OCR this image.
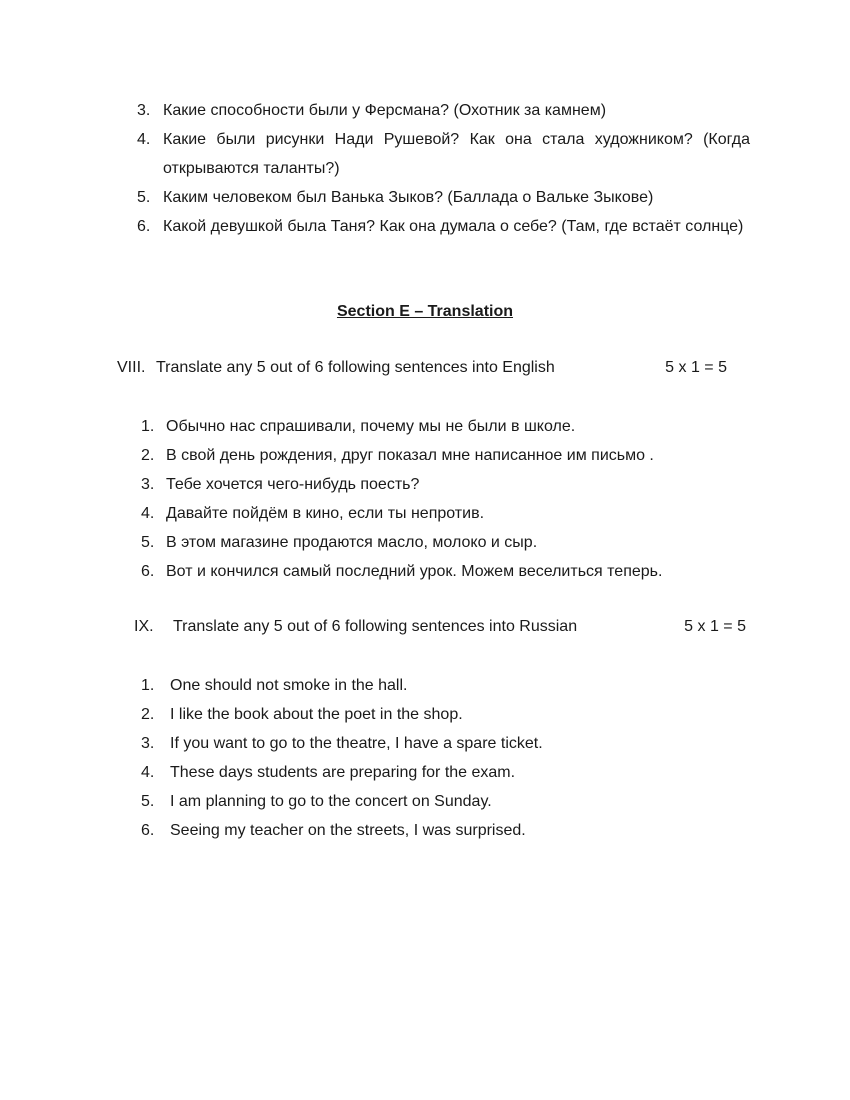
3. Какие способности были у Ферсмана? (Охотник за камнем)
4. Какие были рисунки Нади Рушевой? Как она стала художником? (Когда открываются таланты?)
5. Каким человеком был Ванька Зыков? (Баллада о Вальке Зыкове)
6. Какой девушкой была Таня? Как она думала о себе? (Там, где встаёт солнце)
Section E – Translation
VIII. Translate any 5 out of 6 following sentences into English	5 x 1 = 5
1. Обычно нас спрашивали, почему мы не были в школе.
2. В свой день рождения, друг показал мне написанное им письмо .
3. Тебе хочется чего-нибудь поесть?
4. Давайте пойдём в кино, если ты непротив.
5. В этом магазине продаются масло, молоко и сыр.
6. Вот и кончился самый последний урок. Можем веселиться теперь.
IX. Translate any 5 out of 6 following sentences into Russian	5 x 1 = 5
1. One should not smoke in the hall.
2. I like the book about the poet in the shop.
3. If you want to go to the theatre, I have a spare ticket.
4. These days students are preparing for the exam.
5. I am planning to go to the concert on Sunday.
6. Seeing my teacher on the streets, I was surprised.
